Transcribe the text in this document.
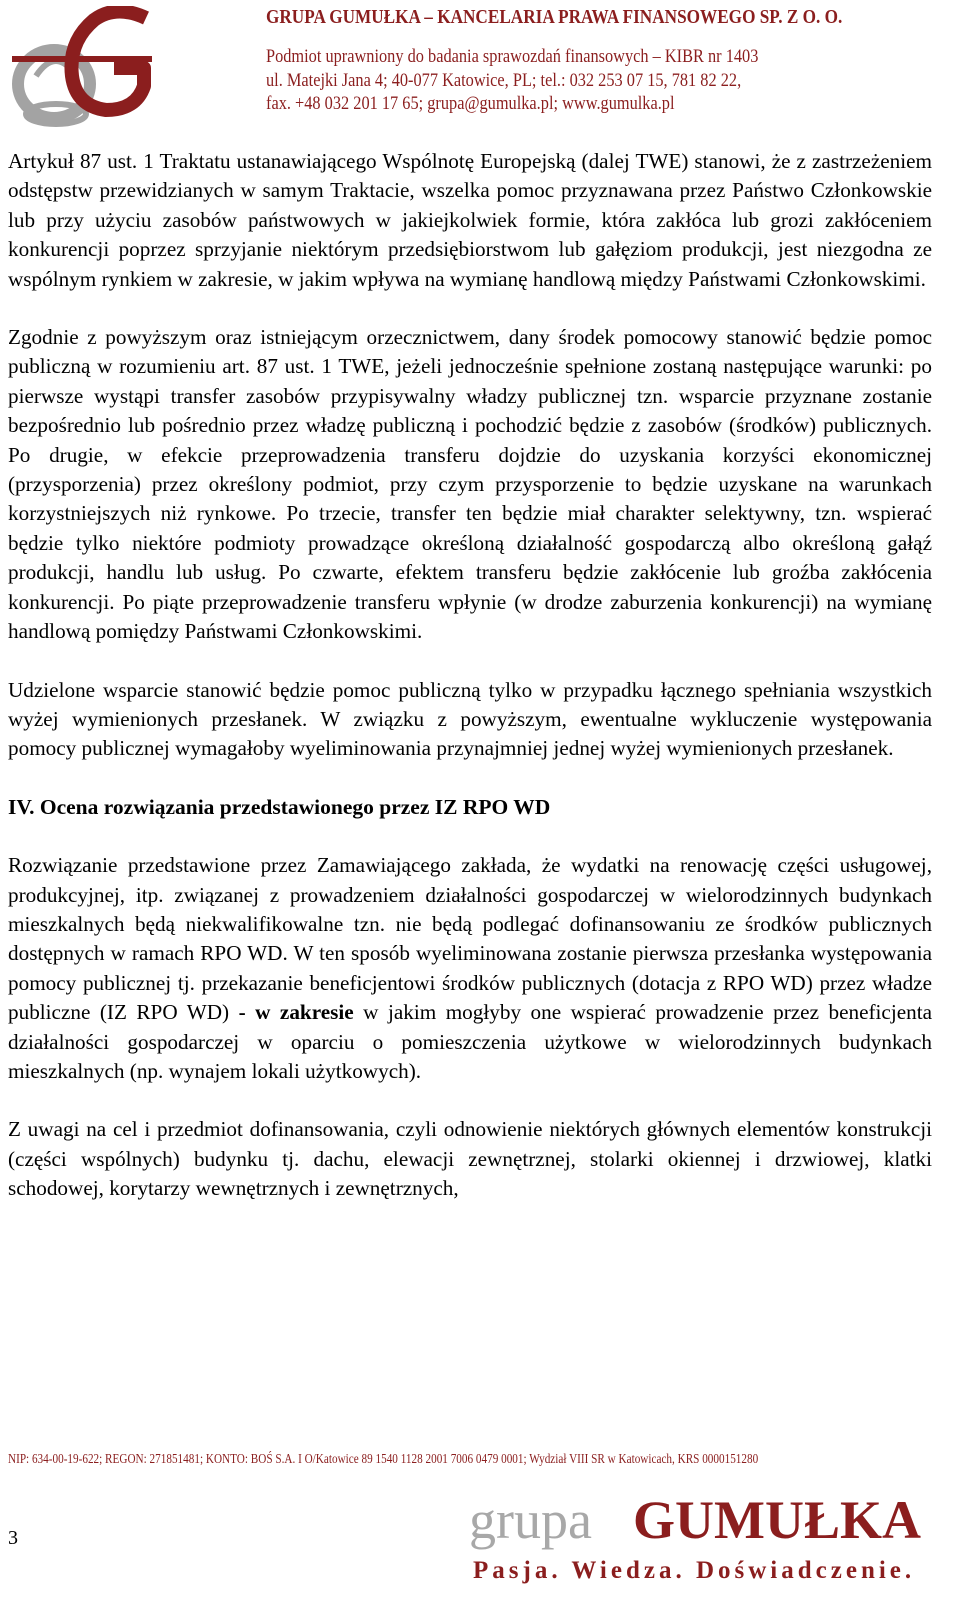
GRUPA GUMUŁKA – KANCELARIA PRAWA FINANSOWEGO SP. Z O. O.
Podmiot uprawniony do badania sprawozdań finansowych – KIBR nr 1403
ul. Matejki Jana 4; 40-077 Katowice, PL; tel.: 032 253 07 15, 781 82 22,
fax. +48 032 201 17 65; grupa@gumulka.pl; www.gumulka.pl

Artykuł 87 ust. 1 Traktatu ustanawiającego Wspólnotę Europejską (dalej TWE) stanowi, że z zastrzeżeniem odstępstw przewidzianych w samym Traktacie, wszelka pomoc przyznawana przez Państwo Członkowskie lub przy użyciu zasobów państwowych w jakiejkolwiek formie, która zakłóca lub grozi zakłóceniem konkurencji poprzez sprzyjanie niektórym przedsiębiorstwom lub gałęziom produkcji, jest niezgodna ze wspólnym rynkiem w zakresie, w jakim wpływa na wymianę handlową między Państwami Członkowskimi.

Zgodnie z powyższym oraz istniejącym orzecznictwem, dany środek pomocowy stanowić będzie pomoc publiczną w rozumieniu art. 87 ust. 1 TWE, jeżeli jednocześnie spełnione zostaną następujące warunki: po pierwsze wystąpi transfer zasobów przypisywalny władzy publicznej tzn. wsparcie przyznane zostanie bezpośrednio lub pośrednio przez władzę publiczną i pochodzić będzie z zasobów (środków) publicznych. Po drugie, w efekcie przeprowadzenia transferu dojdzie do uzyskania korzyści ekonomicznej (przysporzenia) przez określony podmiot, przy czym przysporzenie to będzie uzyskane na warunkach korzystniejszych niż rynkowe. Po trzecie, transfer ten będzie miał charakter selektywny, tzn. wspierać będzie tylko niektóre podmioty prowadzące określoną działalność gospodarczą albo określoną gałąź produkcji, handlu lub usług. Po czwarte, efektem transferu będzie zakłócenie lub groźba zakłócenia konkurencji. Po piąte przeprowadzenie transferu wpłynie (w drodze zaburzenia konkurencji) na wymianę handlową pomiędzy Państwami Członkowskimi.

Udzielone wsparcie stanowić będzie pomoc publiczną tylko w przypadku łącznego spełniania wszystkich wyżej wymienionych przesłanek. W związku z powyższym, ewentualne wykluczenie występowania pomocy publicznej wymagałoby wyeliminowania przynajmniej jednej wyżej wymienionych przesłanek.

IV. Ocena rozwiązania przedstawionego przez IZ RPO WD

Rozwiązanie przedstawione przez Zamawiającego zakłada, że wydatki na renowację części usługowej, produkcyjnej, itp. związanej z prowadzeniem działalności gospodarczej w wielorodzinnych budynkach mieszkalnych będą niekwalifikowalne tzn. nie będą podlegać dofinansowaniu ze środków publicznych dostępnych w ramach RPO WD. W ten sposób wyeliminowana zostanie pierwsza przesłanka występowania pomocy publicznej tj. przekazanie beneficjentowi środków publicznych (dotacja z RPO WD) przez władze publiczne (IZ RPO WD) - w zakresie w jakim mogłyby one wspierać prowadzenie przez beneficjenta działalności gospodarczej w oparciu o pomieszczenia użytkowe w wielorodzinnych budynkach mieszkalnych (np. wynajem lokali użytkowych).

Z uwagi na cel i przedmiot dofinansowania, czyli odnowienie niektórych głównych elementów konstrukcji (części wspólnych) budynku tj. dachu, elewacji zewnętrznej, stolarki okiennej i drzwiowej, klatki schodowej, korytarzy wewnętrznych i zewnętrznych,

NIP: 634-00-19-622; REGON: 271851481; KONTO: BOŚ S.A. I O/Katowice 89 1540 1128 2001 7006 0479 0001; Wydział VIII SR w Katowicach, KRS 0000151280
3	grupa GUMUŁKA
Pasja. Wiedza. Doświadczenie.
